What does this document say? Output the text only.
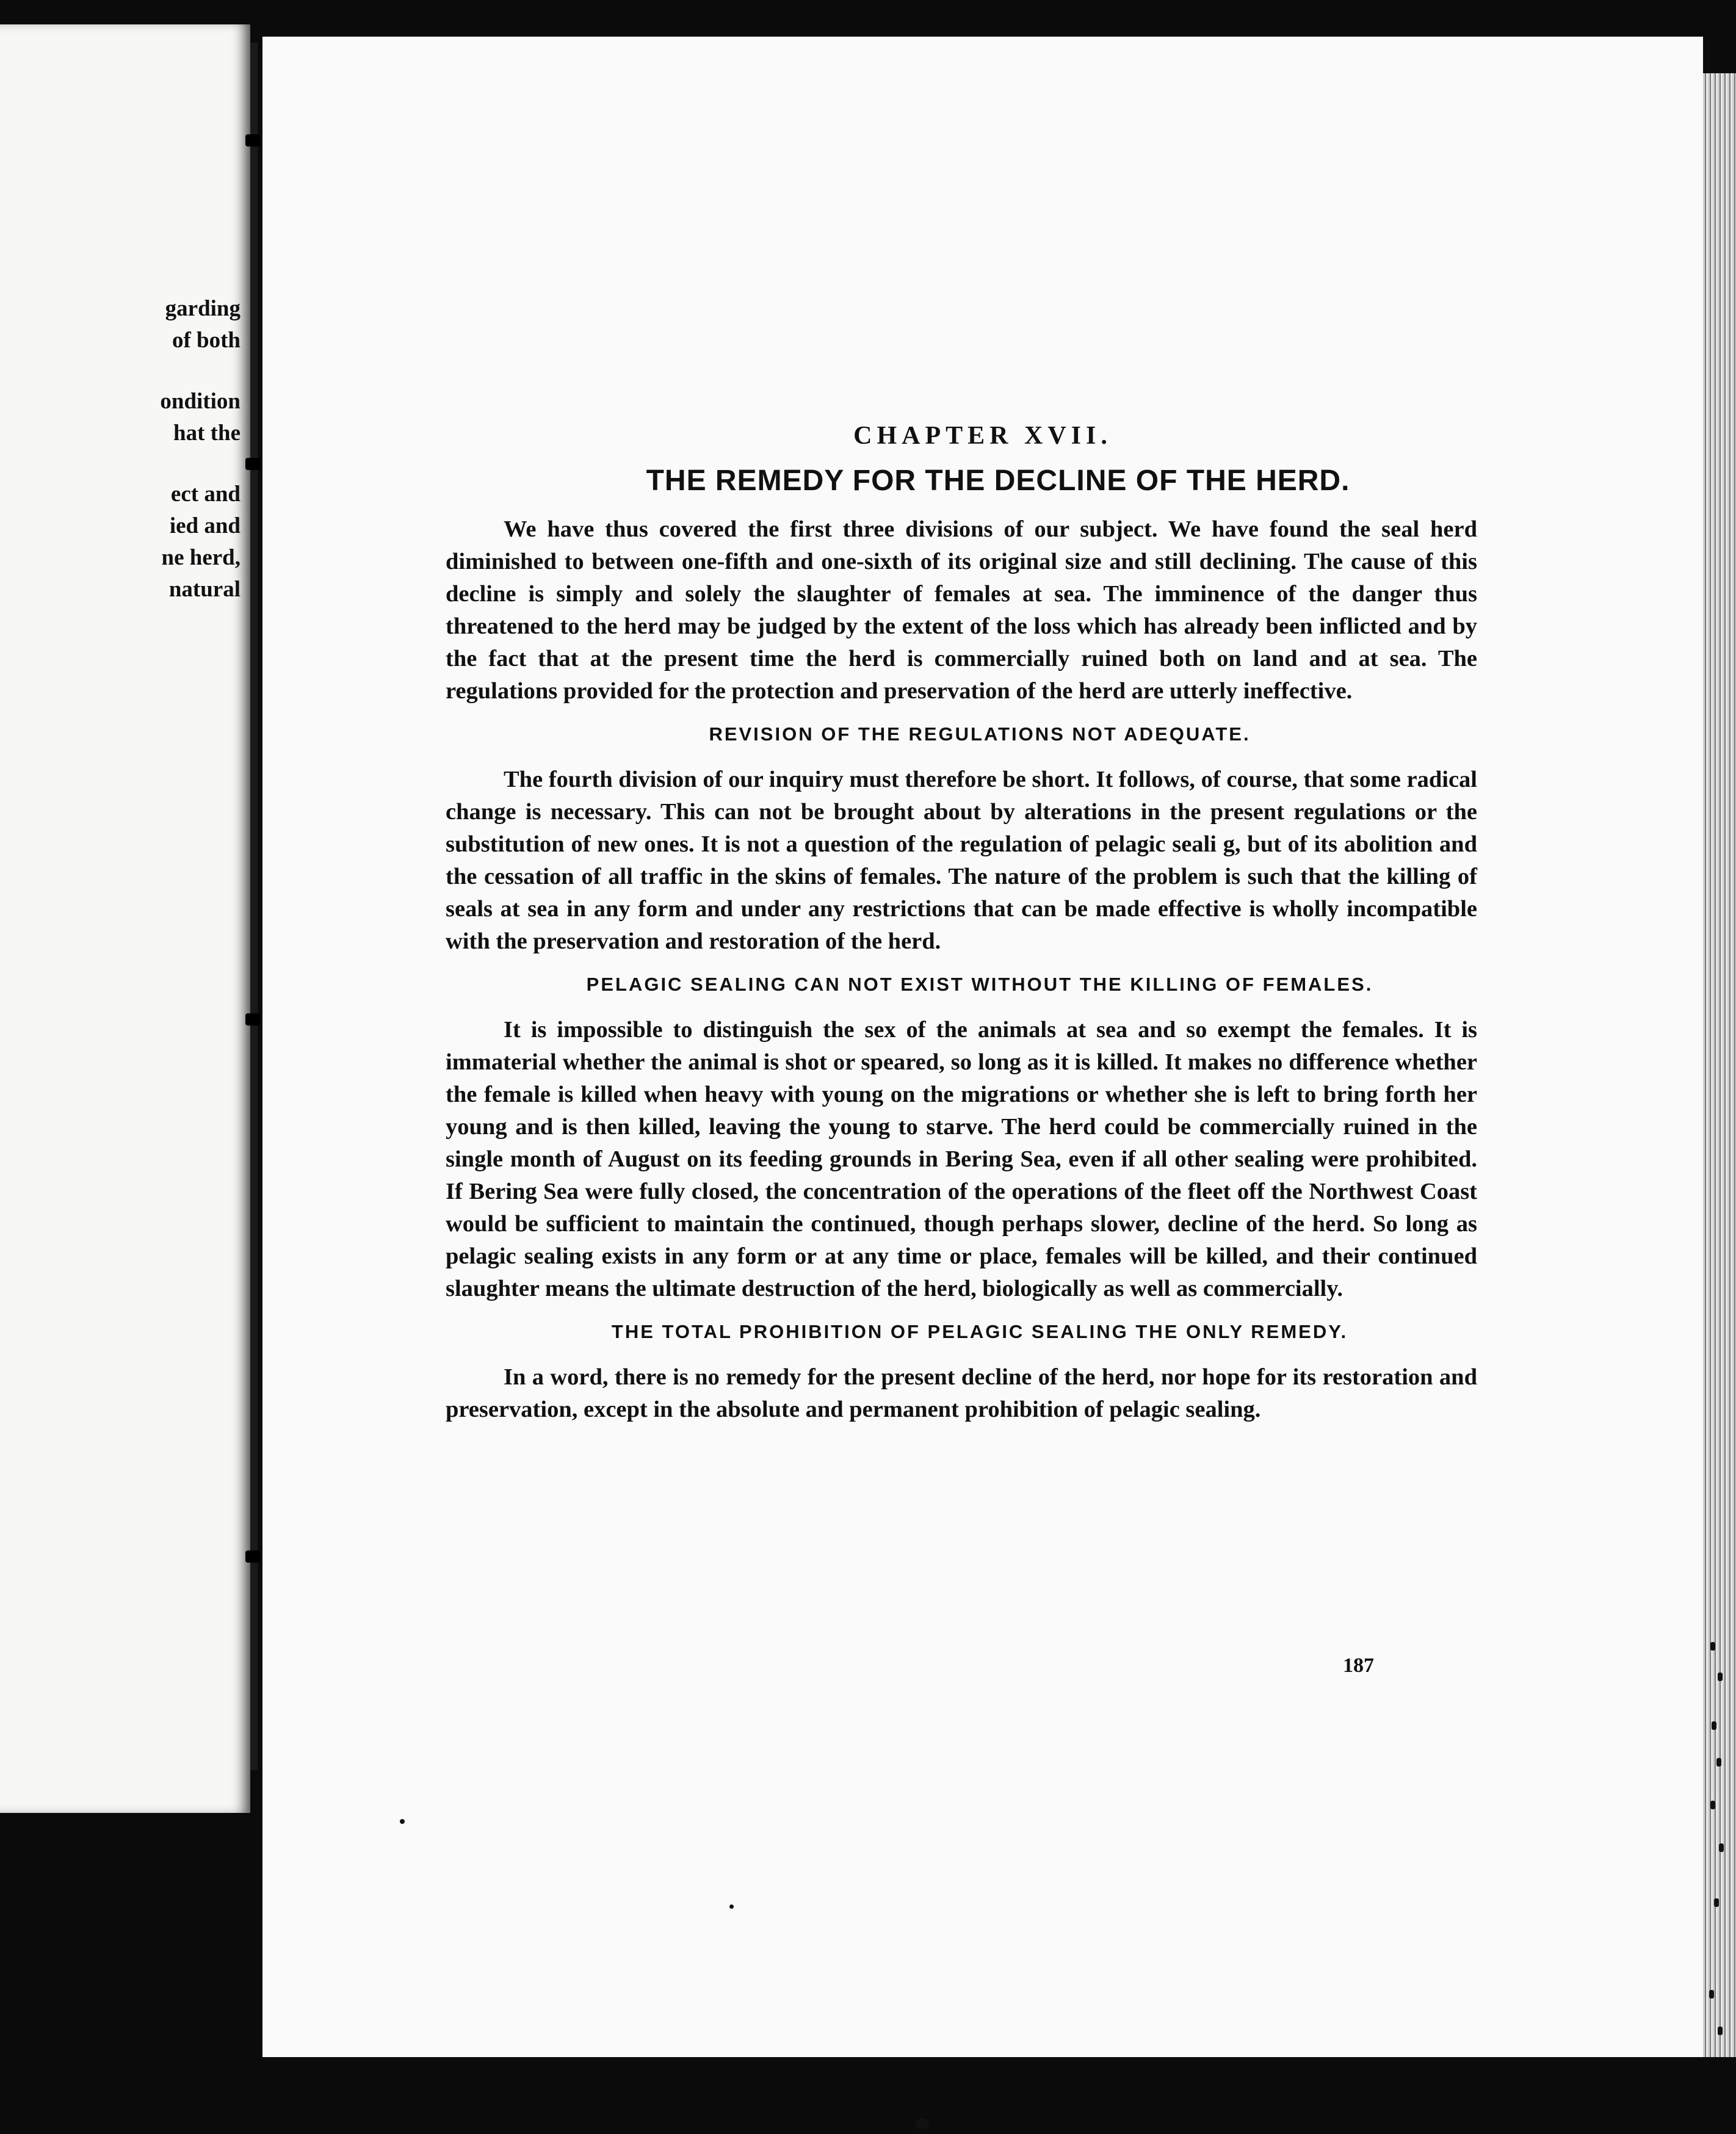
garding
of both
ondition
hat the
ect and
ied and
ne herd,
natural
CHAPTER XVII.
THE REMEDY FOR THE DECLINE OF THE HERD.

We have thus covered the first three divisions of our subject. We have found the seal herd diminished to between one-fifth and one-sixth of its original size and still declining. The cause of this decline is simply and solely the slaughter of females at sea. The imminence of the danger thus threatened to the herd may be judged by the extent of the loss which has already been inflicted and by the fact that at the present time the herd is commercially ruined both on land and at sea. The regulations provided for the protection and preservation of the herd are utterly ineffective.

REVISION OF THE REGULATIONS NOT ADEQUATE.

The fourth division of our inquiry must therefore be short. It follows, of course, that some radical change is necessary. This can not be brought about by alterations in the present regulations or the substitution of new ones. It is not a question of the regulation of pelagic seali g, but of its abolition and the cessation of all traffic in the skins of females. The nature of the problem is such that the killing of seals at sea in any form and under any restrictions that can be made effective is wholly incompatible with the preservation and restoration of the herd.

PELAGIC SEALING CAN NOT EXIST WITHOUT THE KILLING OF FEMALES.

It is impossible to distinguish the sex of the animals at sea and so exempt the females. It is immaterial whether the animal is shot or speared, so long as it is killed. It makes no difference whether the female is killed when heavy with young on the migrations or whether she is left to bring forth her young and is then killed, leaving the young to starve. The herd could be commercially ruined in the single month of August on its feeding grounds in Bering Sea, even if all other sealing were prohibited. If Bering Sea were fully closed, the concentration of the operations of the fleet off the Northwest Coast would be sufficient to maintain the continued, though perhaps slower, decline of the herd. So long as pelagic sealing exists in any form or at any time or place, females will be killed, and their continued slaughter means the ultimate destruction of the herd, biologically as well as commercially.

THE TOTAL PROHIBITION OF PELAGIC SEALING THE ONLY REMEDY.

In a word, there is no remedy for the present decline of the herd, nor hope for its restoration and preservation, except in the absolute and permanent prohibition of pelagic sealing.

187
